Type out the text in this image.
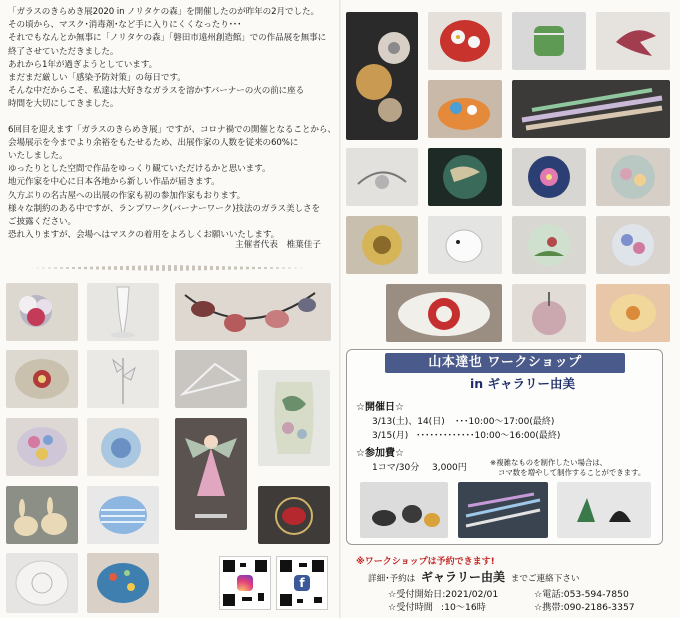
「ガラスのきらめき展2020 in ノリタケの森」を開催したのが昨年の2月でした。

その頃から、マスク･消毒剤･など手に入りにくくなったり･･･

それでもなんとか無事に「ノリタケの森」「磐田市遠州創造館」での作品展を無事に

終了させていただきました。

あれから1年が過ぎようとしています。

まだまだ厳しい「感染予防対策」の毎日です。

そんな中だからこそ、私達は大好きなガラスを溶かすバーナーの火の前に座る

時間を大切にしてきました。

6回目を迎えます「ガラスのきらめき展」ですが、コロナ禍での開催となることから、

会場展示を今までより余裕をもたせるため、出展作家の人数を従来の60%に

いたしました。

ゆったりとした空間で作品をゆっくり観ていただけるかと思います。

地元作家を中心に日本各地から新しい作品が届きます。

久方ぶりの名古屋への出展の作家も初の参加作家もおります。

様々な制約のある中ですが、ランプワーク(バーナーワーク)技法のガラス美しさを

ご披露ください。

恐れ入りますが、会場へはマスクの着用をよろしくお願いいたします。

主催者代表　椎葉佳子
f
山本達也 ワークショップ
in ギャラリー由美
☆開催日☆
3/13(土)、14(日) ･･･10:00～17:00(最終)
3/15(月) ･････････････10:00～16:00(最終)
☆参加費☆
1コマ/30分 3,000円
※複雑なものを制作したい場合は、
コマ数を増やして制作することができます。
※ワークショップは予約できます!
詳細･予約は ギャラリー由美 までご連絡下さい
☆受付開始日:2021/02/01
☆受付時間 :10～16時
☆電話:053-594-7850
☆携帯:090-2186-3357
